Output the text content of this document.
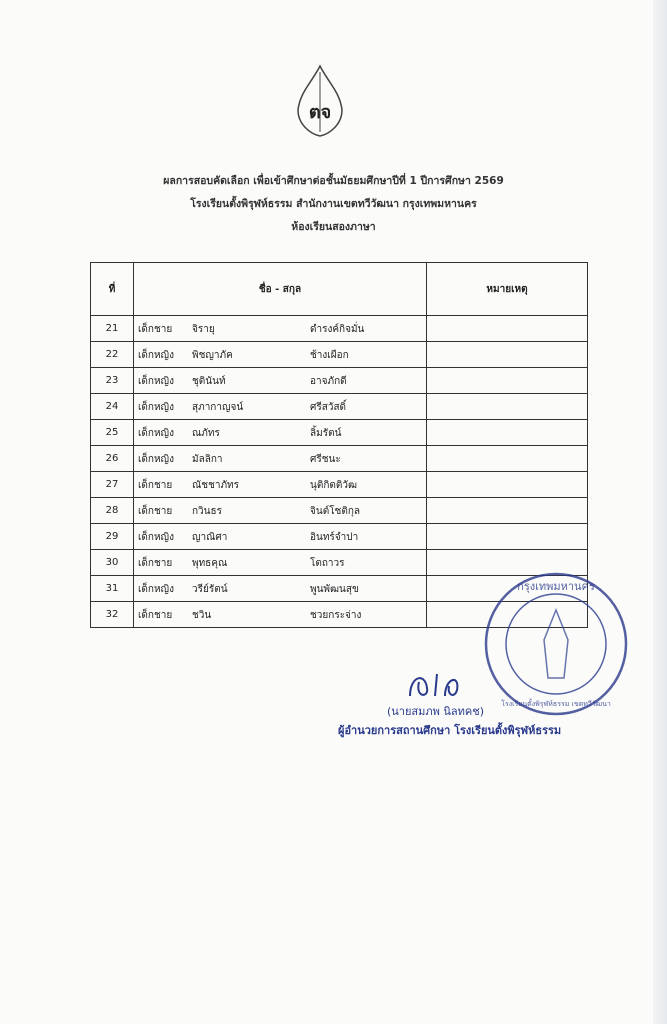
ตจ
ผลการสอบคัดเลือก เพื่อเข้าศึกษาต่อชั้นมัธยมศึกษาปีที่ 1 ปีการศึกษา 2569
โรงเรียนตั้งพิรุฬห์ธรรม สำนักงานเขตทวีวัฒนา กรุงเทพมหานคร
ห้องเรียนสองภาษา
ที่	ชื่อ - สกุล	หมายเหตุ
21	เด็กชาย จิรายุ ดำรงค์กิจมั่น	

22	เด็กหญิง พิชญาภัค ช้างเผือก	

23	เด็กหญิง ชุตินันท์ อาจภักดี	

24	เด็กหญิง สุภากาญจน์ ศรีสวัสดิ์	

25	เด็กหญิง ณภัทร ลิ้มรัตน์	

26	เด็กหญิง มัลลิกา ศรีชนะ	

27	เด็กชาย ณัชชาภัทร นุติกิตติวัฒ	

28	เด็กชาย กวินธร จินต์โชติกุล	

29	เด็กหญิง ญาณิศา อินทร์จำปา	

30	เด็กชาย พุทธคุณ โตถาวร	

31	เด็กหญิง วรีย์รัตน์ พูนพัฒนสุข	

32	เด็กชาย ชวิน ชวยกระจ่าง	

กรุงเทพมหานคร
โรงเรียนตั้งพิรุฬห์ธรรม เขตทวีวัฒนา
(นายสมภพ นิลทคช)
ผู้อำนวยการสถานศึกษา โรงเรียนตั้งพิรุฬห์ธรรม
